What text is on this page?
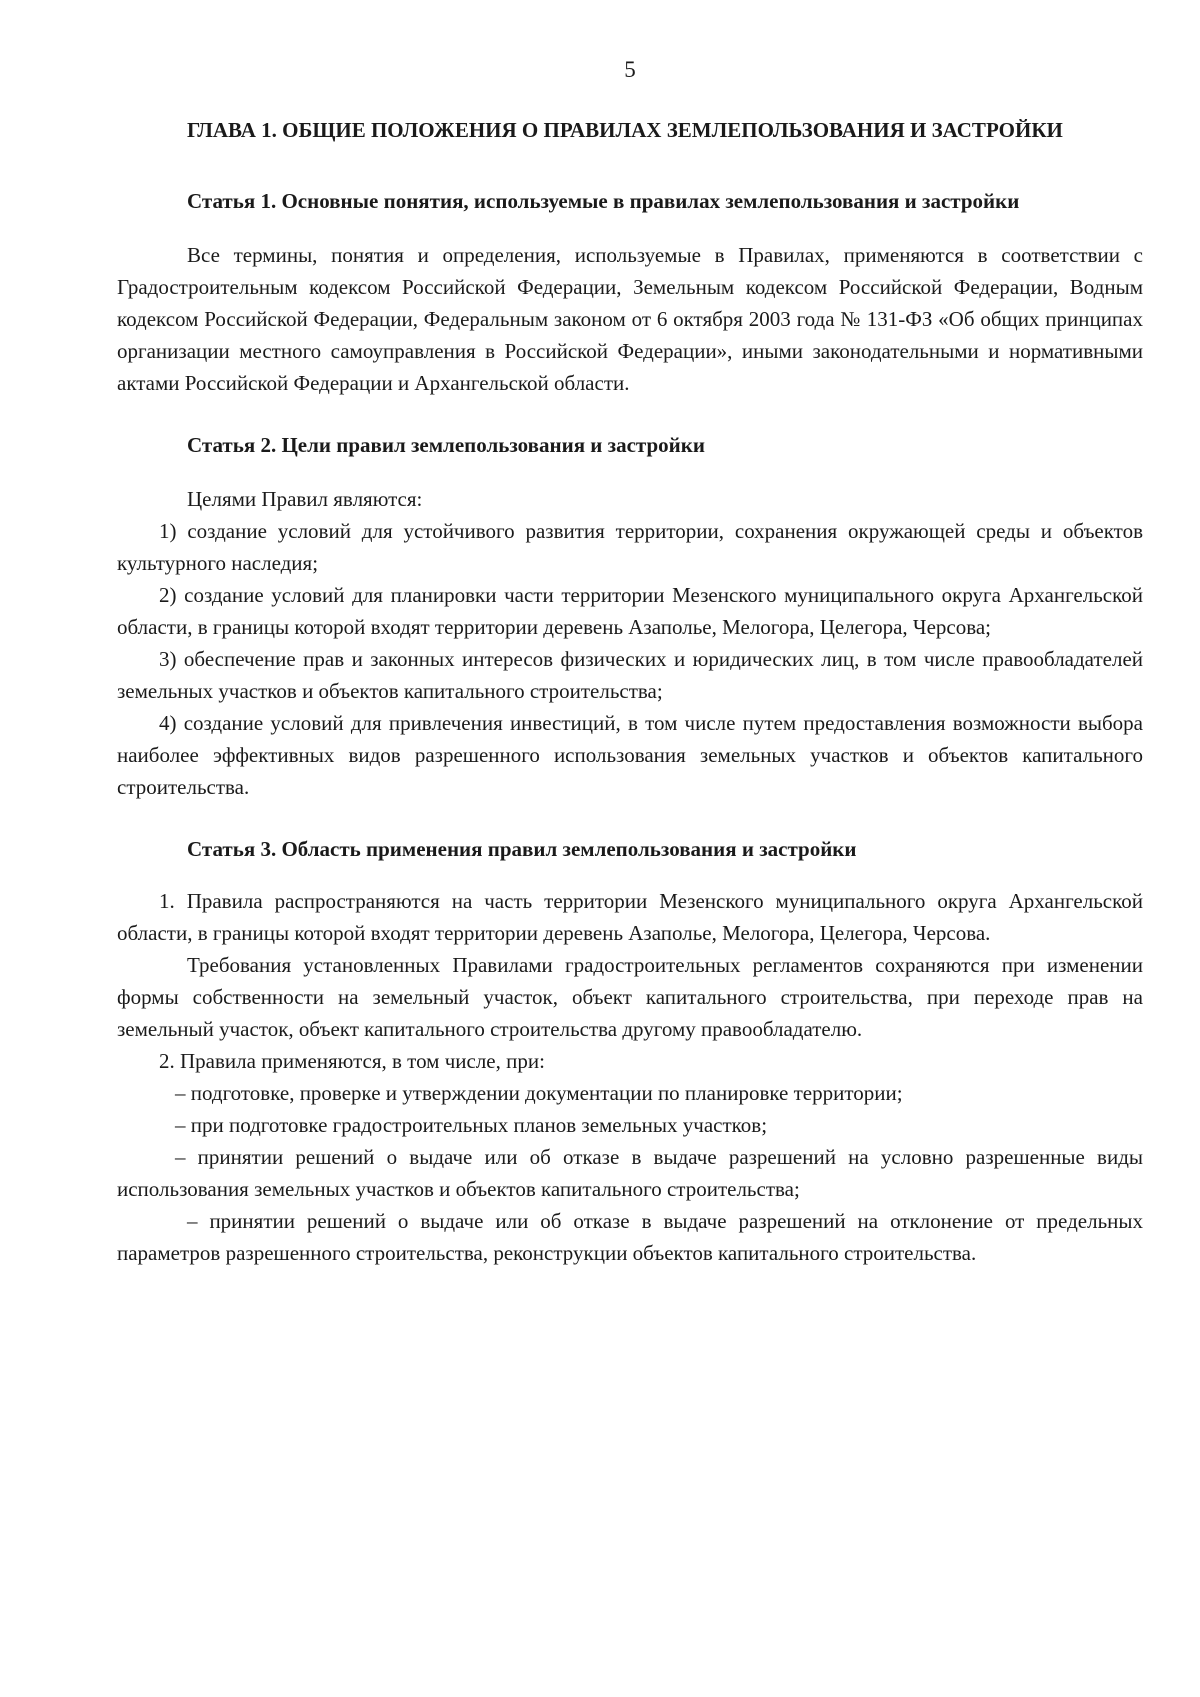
5

ГЛАВА 1. ОБЩИЕ ПОЛОЖЕНИЯ О ПРАВИЛАХ ЗЕМЛЕПОЛЬЗОВАНИЯ И ЗАСТРОЙКИ

Статья 1. Основные понятия, используемые в правилах землепользования и застройки

Все термины, понятия и определения, используемые в Правилах, применяются в соответствии с Градостроительным кодексом Российской Федерации, Земельным кодексом Российской Федерации, Водным кодексом Российской Федерации, Федеральным законом от 6 октября 2003 года № 131-ФЗ «Об общих принципах организации местного самоуправления в Российской Федерации», иными законодательными и нормативными актами Российской Федерации и Архангельской области.

Статья 2. Цели правил землепользования и застройки

Целями Правил являются:

1) создание условий для устойчивого развития территории, сохранения окружающей среды и объектов культурного наследия;

2) создание условий для планировки части территории Мезенского муниципального округа Архангельской области, в границы которой входят территории деревень Азаполье, Мелогора, Целегора, Черсова;

3) обеспечение прав и законных интересов физических и юридических лиц, в том числе правообладателей земельных участков и объектов капитального строительства;

4) создание условий для привлечения инвестиций, в том числе путем предоставления возможности выбора наиболее эффективных видов разрешенного использования земельных участков и объектов капитального строительства.

Статья 3. Область применения правил землепользования и застройки

1. Правила распространяются на часть территории Мезенского муниципального округа Архангельской области, в границы которой входят территории деревень Азаполье, Мелогора, Целегора, Черсова.

Требования установленных Правилами градостроительных регламентов сохраняются при изменении формы собственности на земельный участок, объект капитального строительства, при переходе прав на земельный участок, объект капитального строительства другому правообладателю.

2. Правила применяются, в том числе, при:

– подготовке, проверке и утверждении документации по планировке территории;

– при подготовке градостроительных планов земельных участков;

– принятии решений о выдаче или об отказе в выдаче разрешений на условно разрешенные виды использования земельных участков и объектов капитального строительства;

– принятии решений о выдаче или об отказе в выдаче разрешений на отклонение от предельных параметров разрешенного строительства, реконструкции объектов капитального строительства.
